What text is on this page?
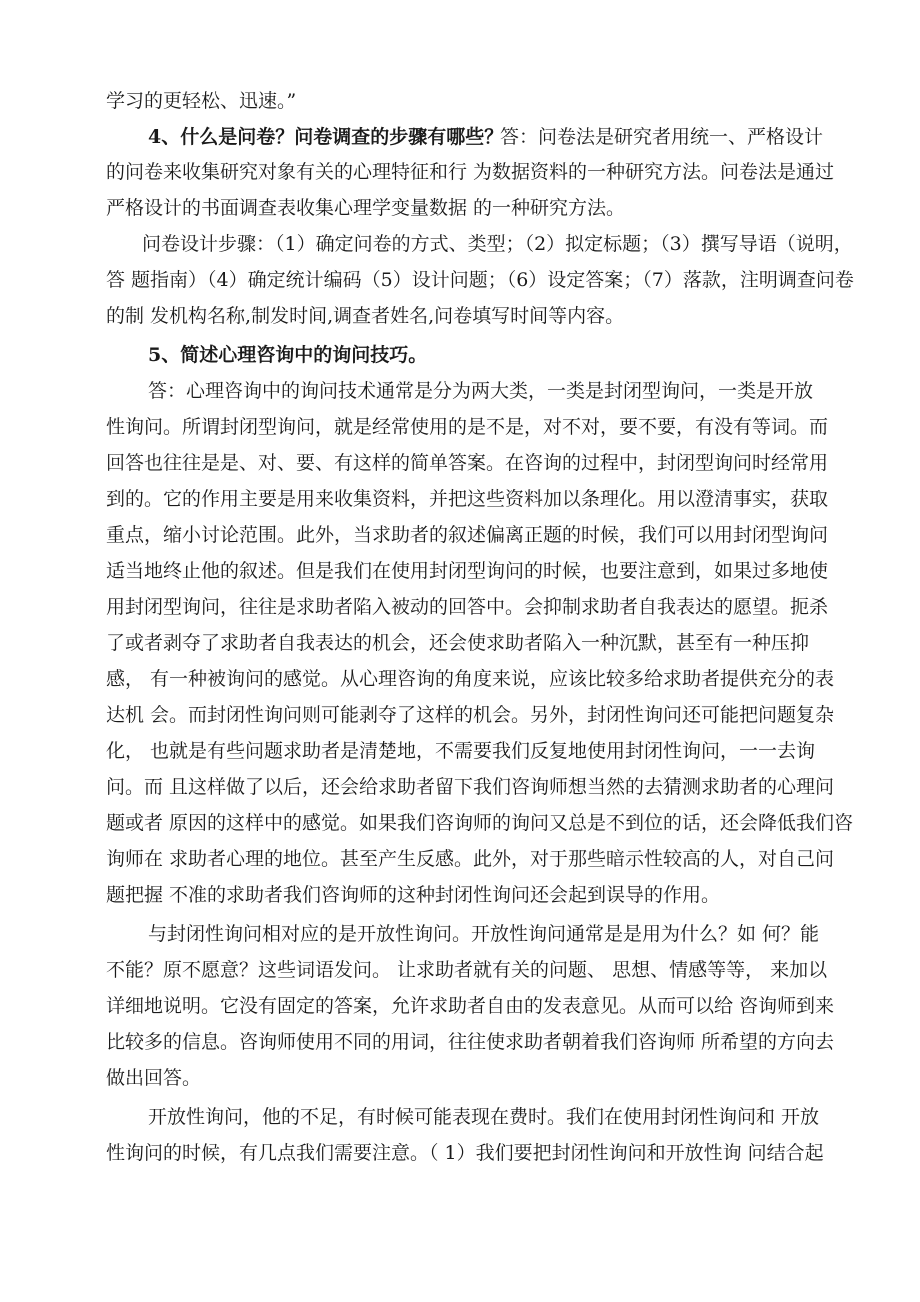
学习的更轻松、迅速。”
4、什么是问卷？问卷调查的步骤有哪些？
答：问卷法是研究者用统一、严格设计
的问卷来收集研究对象有关的心理特征和行 为数据资料的一种研究方法。问卷法是通过
严格设计的书面调查表收集心理学变量数据 的一种研究方法。
问卷设计步骤：（1）确定问卷的方式、类型；（2）拟定标题；（3）撰写导语（说明，
答 题指南）（4）确定统计编码（5）设计问题；（6）设定答案；（7）落款，注明调查问卷
的制 发机构名称,制发时间,调查者姓名,问卷填写时间等内容。
5、简述心理咨询中的询问技巧。
答：心理咨询中的询问技术通常是分为两大类，一类是封闭型询问，一类是开放
性询问。所谓封闭型询问，就是经常使用的是不是，对不对，要不要，有没有等词。而
回答也往往是是、对、要、有这样的简单答案。在咨询的过程中，封闭型询问时经常用
到的。它的作用主要是用来收集资料，并把这些资料加以条理化。用以澄清事实，获取
重点，缩小讨论范围。此外，当求助者的叙述偏离正题的时候，我们可以用封闭型询问
适当地终止他的叙述。但是我们在使用封闭型询问的时候，也要注意到，如果过多地使
用封闭型询问，往往是求助者陷入被动的回答中。会抑制求助者自我表达的愿望。扼杀
了或者剥夺了求助者自我表达的机会，还会使求助者陷入一种沉默，甚至有一种压抑
感， 有一种被询问的感觉。从心理咨询的角度来说，应该比较多给求助者提供充分的表
达机 会。而封闭性询问则可能剥夺了这样的机会。另外，封闭性询问还可能把问题复杂
化， 也就是有些问题求助者是清楚地，不需要我们反复地使用封闭性询问，一一去询
问。而 且这样做了以后，还会给求助者留下我们咨询师想当然的去猜测求助者的心理问
题或者 原因的这样中的感觉。如果我们咨询师的询问又总是不到位的话，还会降低我们咨
询师在 求助者心理的地位。甚至产生反感。此外，对于那些暗示性较高的人，对自己问
题把握 不准的求助者我们咨询师的这种封闭性询问还会起到误导的作用。
与封闭性询问相对应的是开放性询问。开放性询问通常是是用为什么？如 何？能
不能？原不愿意？这些词语发问。 让求助者就有关的问题、 思想、情感等等， 来加以
详细地说明。它没有固定的答案，允许求助者自由的发表意见。从而可以给 咨询师到来
比较多的信息。咨询师使用不同的用词，往往使求助者朝着我们咨询师 所希望的方向去
做出回答。
开放性询问，他的不足，有时候可能表现在费时。我们在使用封闭性询问和 开放
性询问的时候，有几点我们需要注意。（ 1）我们要把封闭性询问和开放性询 问结合起
